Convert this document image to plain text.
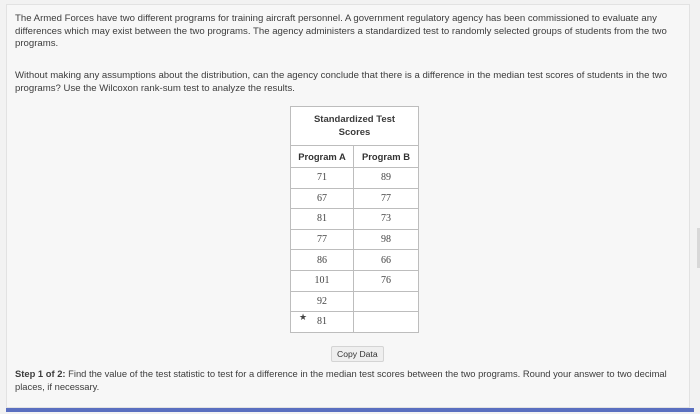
The Armed Forces have two different programs for training aircraft personnel. A government regulatory agency has been commissioned to evaluate any differences which may exist between the two programs. The agency administers a standardized test to randomly selected groups of students from the two programs.

Without making any assumptions about the distribution, can the agency conclude that there is a difference in the median test scores of students in the two programs? Use the Wilcoxon rank-sum test to analyze the results.

Standardized Test
Scores	

Program A	Program B
71	89
67	77
81	73
77	98
86	66
101	76
92	
81	
★
Copy Data

Step 1 of 2: Find the value of the test statistic to test for a difference in the median test scores between the two programs. Round your answer to two decimal places, if necessary.
